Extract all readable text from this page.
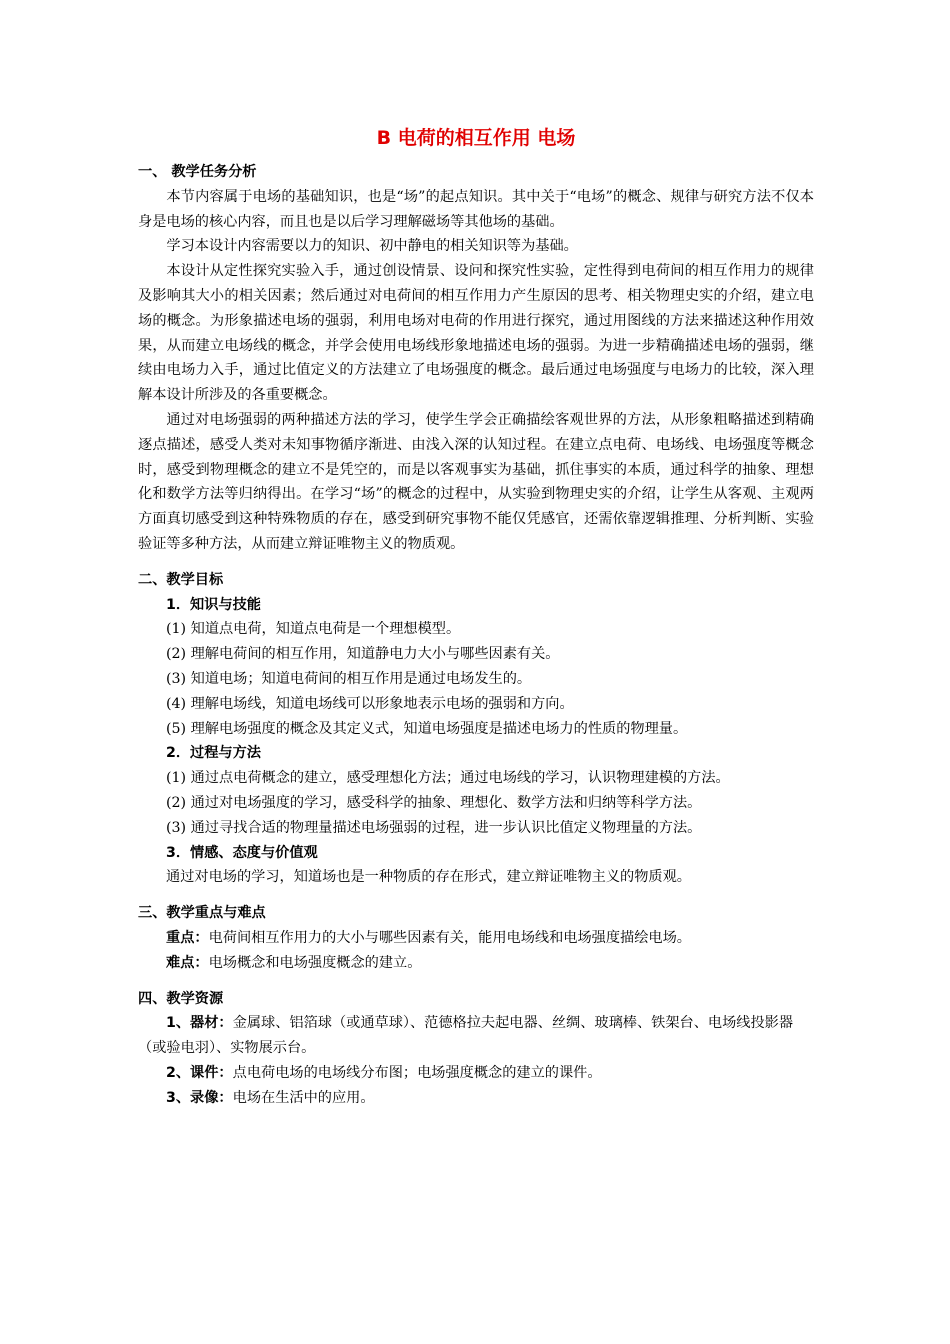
B 电荷的相互作用 电场
一、 教学任务分析

本节内容属于电场的基础知识，也是“场”的起点知识。其中关于“电场”的概念、规律与研究方法不仅本身是电场的核心内容，而且也是以后学习理解磁场等其他场的基础。

学习本设计内容需要以力的知识、初中静电的相关知识等为基础。

本设计从定性探究实验入手，通过创设情景、设问和探究性实验，定性得到电荷间的相互作用力的规律及影响其大小的相关因素；然后通过对电荷间的相互作用力产生原因的思考、相关物理史实的介绍，建立电场的概念。为形象描述电场的强弱，利用电场对电荷的作用进行探究，通过用图线的方法来描述这种作用效果，从而建立电场线的概念，并学会使用电场线形象地描述电场的强弱。为进一步精确描述电场的强弱，继续由电场力入手，通过比值定义的方法建立了电场强度的概念。最后通过电场强度与电场力的比较，深入理解本设计所涉及的各重要概念。

通过对电场强弱的两种描述方法的学习，使学生学会正确描绘客观世界的方法，从形象粗略描述到精确逐点描述，感受人类对未知事物循序渐进、由浅入深的认知过程。在建立点电荷、电场线、电场强度等概念时，感受到物理概念的建立不是凭空的，而是以客观事实为基础，抓住事实的本质，通过科学的抽象、理想化和数学方法等归纳得出。在学习“场”的概念的过程中，从实验到物理史实的介绍，让学生从客观、主观两方面真切感受到这种特殊物质的存在，感受到研究事物不能仅凭感官，还需依靠逻辑推理、分析判断、实验验证等多种方法，从而建立辩证唯物主义的物质观。

二、教学目标
1．知识与技能

(1) 知道点电荷，知道点电荷是一个理想模型。

(2) 理解电荷间的相互作用，知道静电力大小与哪些因素有关。

(3) 知道电场；知道电荷间的相互作用是通过电场发生的。

(4) 理解电场线，知道电场线可以形象地表示电场的强弱和方向。

(5) 理解电场强度的概念及其定义式，知道电场强度是描述电场力的性质的物理量。

2．过程与方法

(1) 通过点电荷概念的建立，感受理想化方法；通过电场线的学习，认识物理建模的方法。

(2) 通过对电场强度的学习，感受科学的抽象、理想化、数学方法和归纳等科学方法。

(3) 通过寻找合适的物理量描述电场强弱的过程，进一步认识比值定义物理量的方法。

3．情感、态度与价值观

通过对电场的学习，知道场也是一种物质的存在形式，建立辩证唯物主义的物质观。

三、教学重点与难点

重点：电荷间相互作用力的大小与哪些因素有关，能用电场线和电场强度描绘电场。

难点：电场概念和电场强度概念的建立。

四、教学资源

1、器材：金属球、铝箔球（或通草球）、范德格拉夫起电器、丝绸、玻璃棒、铁架台、电场线投影器（或验电羽）、实物展示台。

2、课件：点电荷电场的电场线分布图；电场强度概念的建立的课件。

3、录像：电场在生活中的应用。
